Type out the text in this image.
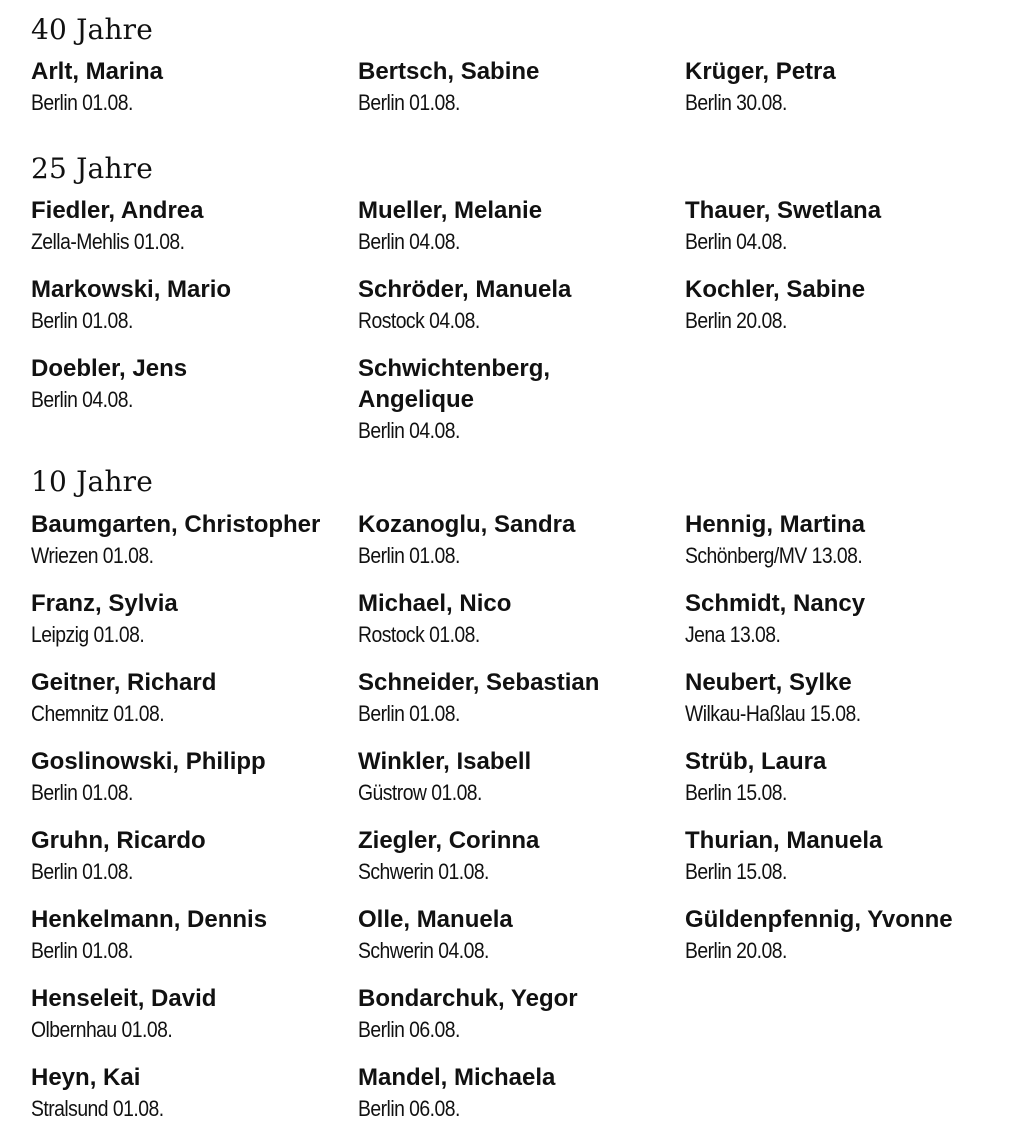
40 Jahre
Arlt, Marina
Berlin 01.08.
Bertsch, Sabine
Berlin 01.08.
Krüger, Petra
Berlin 30.08.
25 Jahre
Fiedler, Andrea
Zella-Mehlis 01.08.
Markowski, Mario
Berlin 01.08.
Doebler, Jens
Berlin 04.08.
Mueller, Melanie
Berlin 04.08.
Schröder, Manuela
Rostock 04.08.
Schwichtenberg,
Angelique
Berlin 04.08.
Thauer, Swetlana
Berlin 04.08.
Kochler, Sabine
Berlin 20.08.
10 Jahre
Baumgarten, Christopher
Wriezen 01.08.
Franz, Sylvia
Leipzig 01.08.
Geitner, Richard
Chemnitz 01.08.
Goslinowski, Philipp
Berlin 01.08.
Gruhn, Ricardo
Berlin 01.08.
Henkelmann, Dennis
Berlin 01.08.
Henseleit, David
Olbernhau 01.08.
Heyn, Kai
Stralsund 01.08.
Kozanoglu, Sandra
Berlin 01.08.
Michael, Nico
Rostock 01.08.
Schneider, Sebastian
Berlin 01.08.
Winkler, Isabell
Güstrow 01.08.
Ziegler, Corinna
Schwerin 01.08.
Olle, Manuela
Schwerin 04.08.
Bondarchuk, Yegor
Berlin 06.08.
Mandel, Michaela
Berlin 06.08.
Hennig, Martina
Schönberg/MV 13.08.
Schmidt, Nancy
Jena 13.08.
Neubert, Sylke
Wilkau-Haßlau 15.08.
Strüb, Laura
Berlin 15.08.
Thurian, Manuela
Berlin 15.08.
Güldenpfennig, Yvonne
Berlin 20.08.
